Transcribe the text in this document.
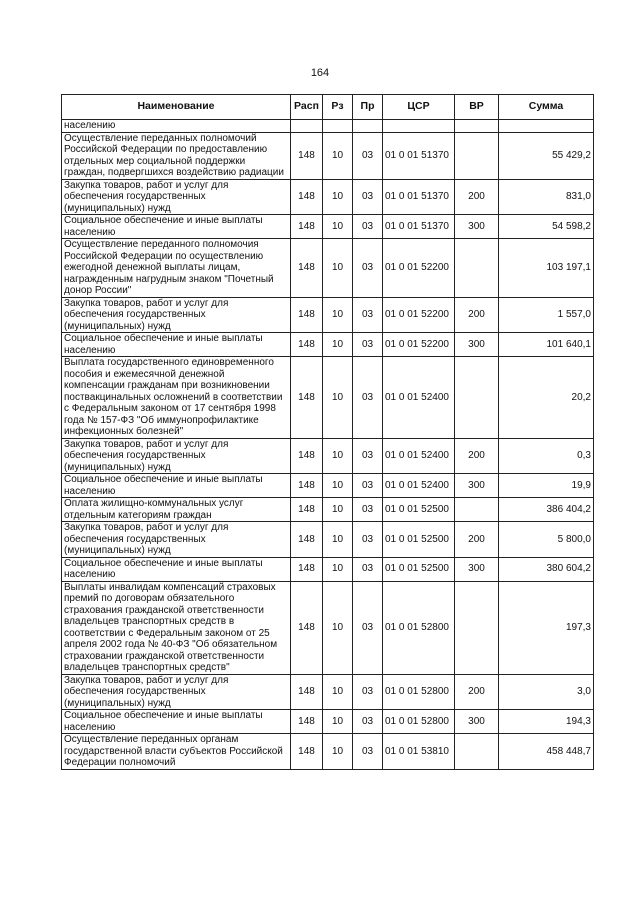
164
Наименование	Расп	Рз	Пр	ЦСР	ВР	Сумма
населению						
Осуществление переданных полномочий Российской Федерации по предоставлению отдельных мер социальной поддержки граждан, подвергшихся воздействию радиации	148	10	03	01 0 01 51370		55 429,2
Закупка товаров, работ и услуг для обеспечения государственных (муниципальных) нужд	148	10	03	01 0 01 51370	200	831,0
Социальное обеспечение и иные выплаты населению	148	10	03	01 0 01 51370	300	54 598,2
Осуществление переданного полномочия Российской Федерации по осуществлению ежегодной денежной выплаты лицам, награжденным нагрудным знаком "Почетный донор России"	148	10	03	01 0 01 52200		103 197,1
Закупка товаров, работ и услуг для обеспечения государственных (муниципальных) нужд	148	10	03	01 0 01 52200	200	1 557,0
Социальное обеспечение и иные выплаты населению	148	10	03	01 0 01 52200	300	101 640,1
Выплата государственного единовременного пособия и ежемесячной денежной компенсации гражданам при возникновении поствакцинальных осложнений в соответствии с Федеральным законом от 17 сентября 1998 года № 157-ФЗ "Об иммунопрофилактике инфекционных болезней"	148	10	03	01 0 01 52400		20,2
Закупка товаров, работ и услуг для обеспечения государственных (муниципальных) нужд	148	10	03	01 0 01 52400	200	0,3
Социальное обеспечение и иные выплаты населению	148	10	03	01 0 01 52400	300	19,9
Оплата жилищно-коммунальных услуг отдельным категориям граждан	148	10	03	01 0 01 52500		386 404,2
Закупка товаров, работ и услуг для обеспечения государственных (муниципальных) нужд	148	10	03	01 0 01 52500	200	5 800,0
Социальное обеспечение и иные выплаты населению	148	10	03	01 0 01 52500	300	380 604,2
Выплаты инвалидам компенсаций страховых премий по договорам обязательного страхования гражданской ответственности владельцев транспортных средств в соответствии с Федеральным законом от 25 апреля 2002 года № 40-ФЗ "Об обязательном страховании гражданской ответственности владельцев транспортных средств"	148	10	03	01 0 01 52800		197,3
Закупка товаров, работ и услуг для обеспечения государственных (муниципальных) нужд	148	10	03	01 0 01 52800	200	3,0
Социальное обеспечение и иные выплаты населению	148	10	03	01 0 01 52800	300	194,3
Осуществление переданных органам государственной власти субъектов Российской Федерации полномочий	148	10	03	01 0 01 53810		458 448,7
